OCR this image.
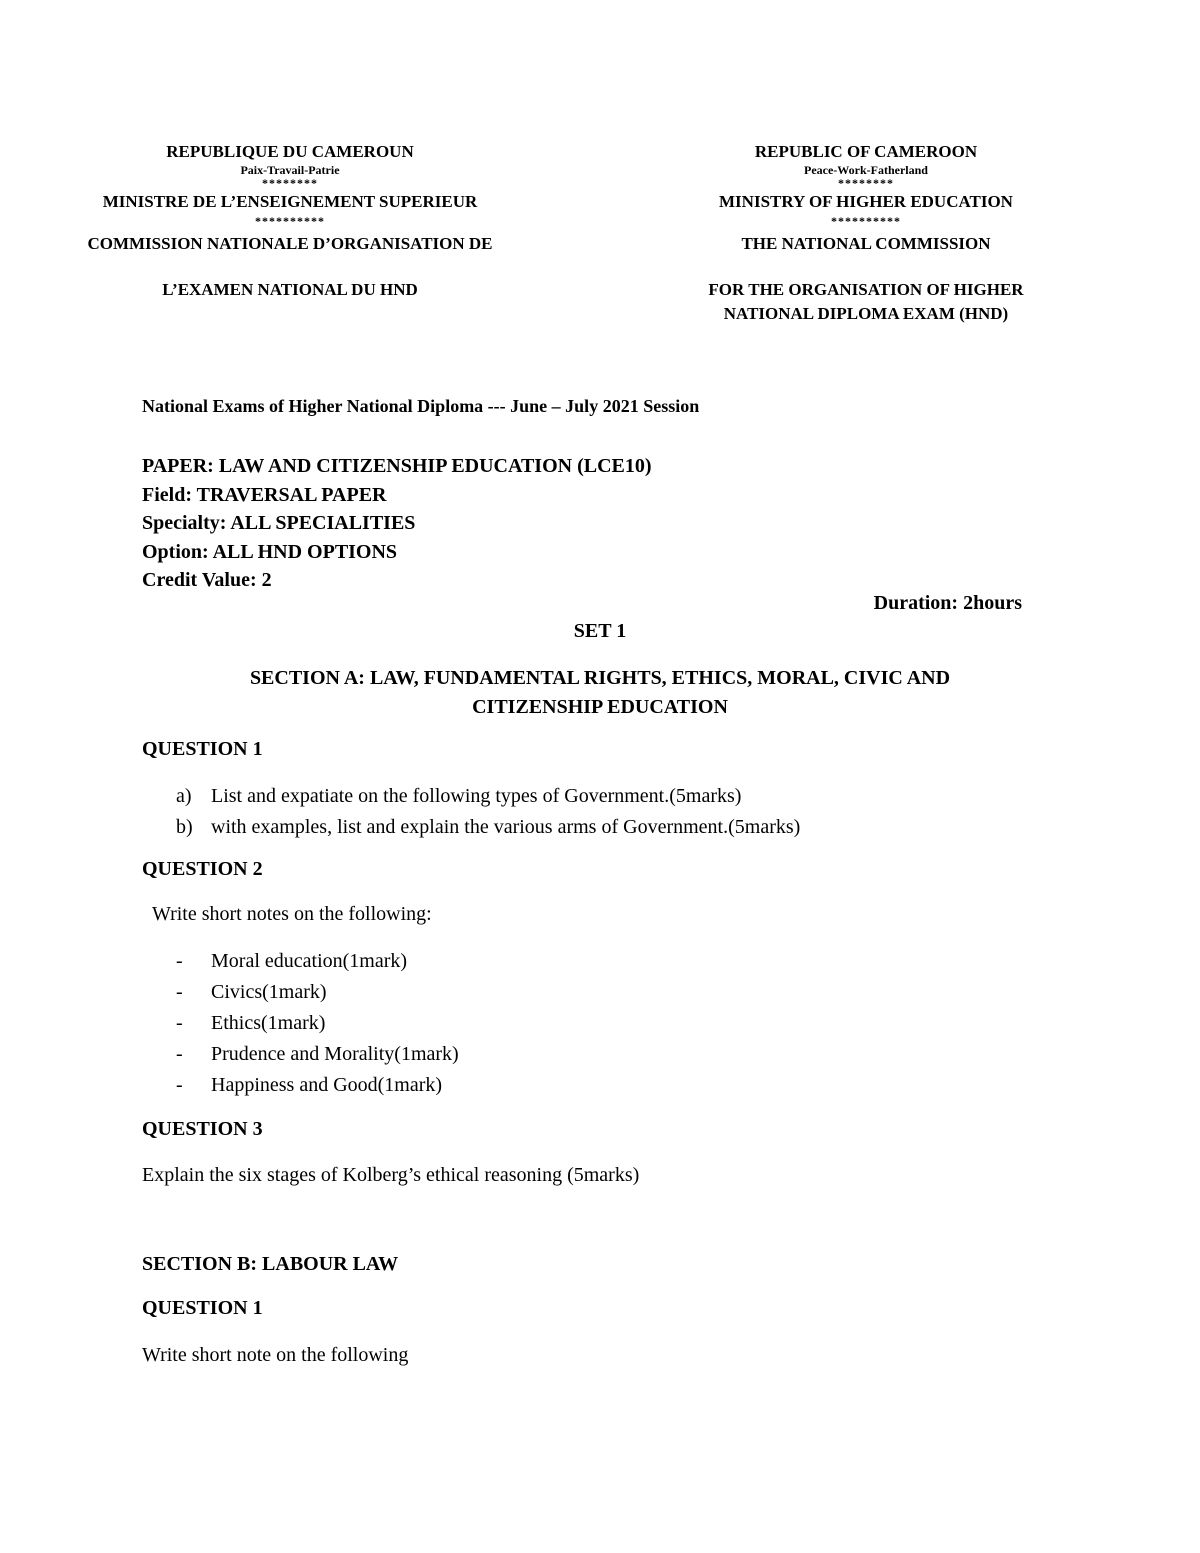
REPUBLIQUE DU CAMEROUN
Paix-Travail-Patrie
********
MINISTRE DE L’ENSEIGNEMENT SUPERIEUR
**********
COMMISSION NATIONALE D’ORGANISATION DE
L’EXAMEN NATIONAL DU HND
REPUBLIC OF CAMEROON
Peace-Work-Fatherland
********
MINISTRY OF HIGHER EDUCATION
**********
THE NATIONAL COMMISSION
FOR THE ORGANISATION OF HIGHER
NATIONAL DIPLOMA EXAM (HND)
National Exams of Higher National Diploma --- June – July 2021 Session
PAPER: LAW AND CITIZENSHIP EDUCATION (LCE10)
Field: TRAVERSAL PAPER
Specialty: ALL SPECIALITIES
Option: ALL HND OPTIONS
Credit Value: 2
Duration: 2hours
SET 1
SECTION A: LAW, FUNDAMENTAL RIGHTS, ETHICS, MORAL, CIVIC AND
CITIZENSHIP EDUCATION
QUESTION 1
a) List and expatiate on the following types of Government.(5marks)
b) with examples, list and explain the various arms of Government.(5marks)
QUESTION 2
Write short notes on the following:
- Moral education(1mark)
- Civics(1mark)
- Ethics(1mark)
- Prudence and Morality(1mark)
- Happiness and Good(1mark)
QUESTION 3
Explain the six stages of Kolberg’s ethical reasoning (5marks)
SECTION B: LABOUR LAW
QUESTION 1
Write short note on the following
